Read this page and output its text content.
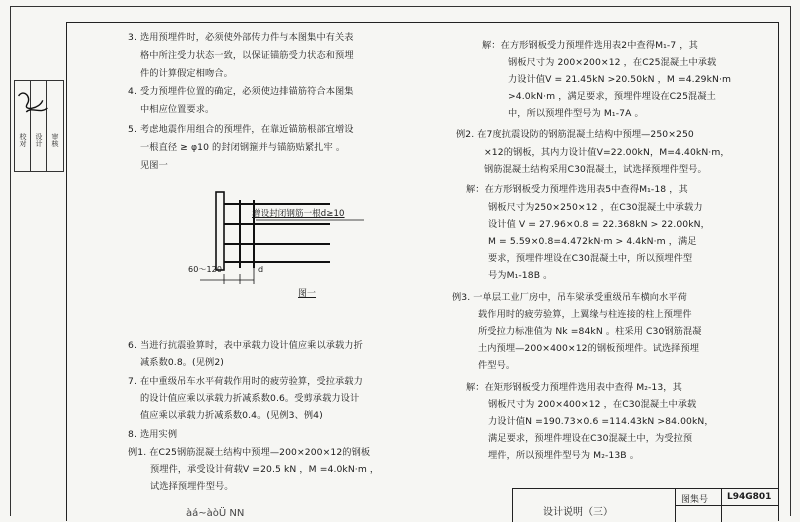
校对 设计 审核
3. 选用预埋件时，必须使外部传力件与本图集中有关表
格中所注受力状态一致，以保证锚筋受力状态和预埋
件的计算假定相吻合。
4. 受力预埋件位置的确定，必须使边排锚筋符合本图集
中相应位置要求。
5. 考虑地震作用组合的预埋件，在靠近锚筋根部宜增设
一根直径 ≥ φ10 的封闭钢箍并与锚筋贴紧扎牢 。
见图一
增设封闭钢筋一根d≥10
60～120	d
图一
6. 当进行抗震验算时，表中承载力设计值应乘以承载力折
减系数0.8。(见例2)
7. 在中重级吊车水平荷载作用时的疲劳验算，受拉承载力
的设计值应乘以承载力折减系数0.6。受剪承载力设计
值应乘以承载力折减系数0.4。(见例3、例4)
8. 选用实例
例1. 在C25钢筋混凝土结构中预埋—200×200×12的钢板
预埋件，承受设计荷载V =20.5 kN ，M =4.0kN·m ，
试选择预埋件型号。
àá~àòÜ NN
解：在方形钢板受力预埋件选用表2中查得M₁-7 ，其
钢板尺寸为 200×200×12 ，在C25混凝土中承载
力设计值V = 21.45kN >20.50kN ，M =4.29kN·m
>4.0kN·m ，满足要求，预埋件埋设在C25混凝土
中，所以预埋件型号为 M₁-7A 。
例2. 在7度抗震设防的钢筋混凝土结构中预埋—250×250
×12的钢板，其内力设计值V=22.00kN，M=4.40kN·m，
钢筋混凝土结构采用C30混凝土，试选择预埋件型号。
解：在方形钢板受力预埋件选用表5中查得M₁-18 ，其
钢板尺寸为250×250×12 ，在C30混凝土中承载力
设计值 V = 27.96×0.8 = 22.368kN > 22.00kN，
M = 5.59×0.8=4.472kN·m > 4.4kN·m ，满足
要求，预埋件埋设在C30混凝土中，所以预埋件型
号为M₁-18B 。
例3. 一单层工业厂房中，吊车梁承受重级吊车横向水平荷
载作用时的疲劳验算，上翼缘与柱连接的柱上预埋件
所受拉力标准值为 Nk =84kN 。柱采用 C30钢筋混凝
土内预埋—200×400×12的钢板预埋件。试选择预埋
件型号。
解：在矩形钢板受力预埋件选用表中查得 M₂-13，其
钢板尺寸为 200×400×12 ，在C30混凝土中承载
力设计值N =190.73×0.6 =114.43kN >84.00kN，
满足要求，预埋件埋设在C30混凝土中，为受拉预
埋件，所以预埋件型号为 M₂-13B 。
设计说明（三）
图集号 L94G801
